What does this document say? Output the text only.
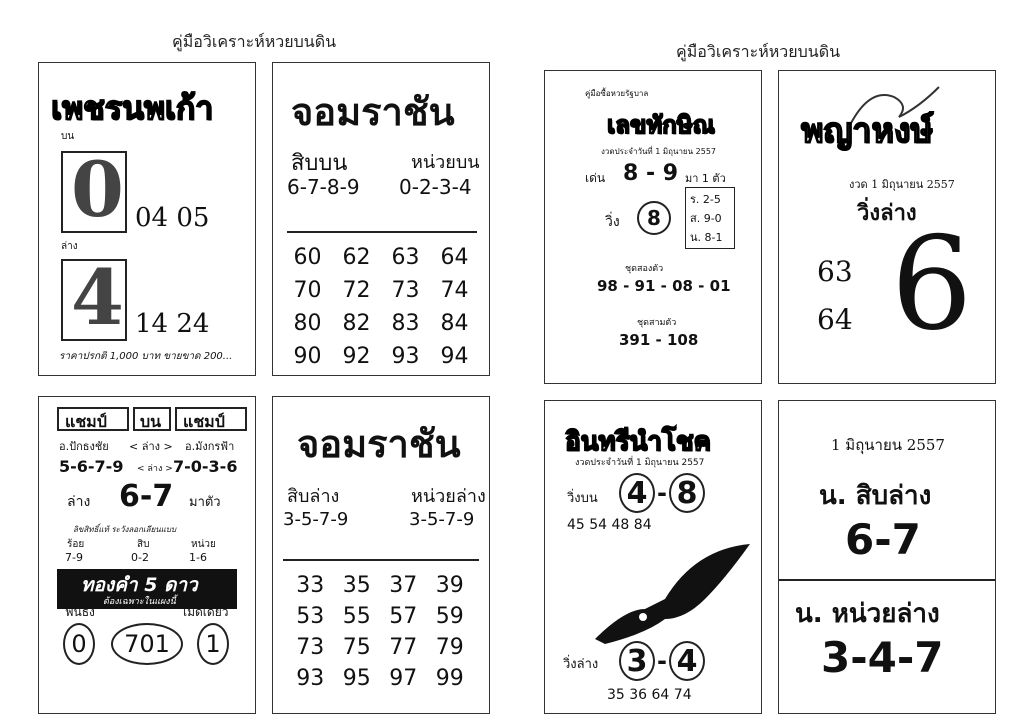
คู่มือวิเคราะห์หวยบนดิน
คู่มือวิเคราะห์หวยบนดิน
เพชรนพเก้า
บน
0 04 05
ล่าง
4 14 24
ราคาปรกติ 1,000 บาท ขายขาด 200...
จอมราชัน
สิบบน	หน่วยบน
6-7-8-9 0-2-3-4
60 62 63 64
70 72 73 74
80 82 83 84
90 92 93 94
คู่มือซื้อหวยรัฐบาล
เลขทักษิณ
งวดประจำวันที่ 1 มิถุนายน 2557
เด่น 8 - 9 มา 1 ตัว
วิ่ง 8
ร. 2-5
ส. 9-0
น. 8-1
ชุดสองตัว
98 - 91 - 08 - 01
ชุดสามตัว
391 - 108
พญาหงษ์
งวด 1 มิถุนายน 2557
วิ่งล่าง
63
64 6
แชมป์ บน แชมป์
อ.ปักธงชัย < ล่าง > อ.มังกรฟ้า
5-6-7-9 < ล่าง > 7-0-3-6
ล่าง 6-7 มาตัว
ลิขสิทธิ์แท้ ระวังลอกเลียนแบบ
ร้อย	สิบ	หน่วย
7-9	0-2	1-6
ทองคำ 5 ดาว
ต้องเฉพาะในแผงนี้
ฟันธง	เม็ดเดียว
0 701 1
จอมราชัน
สิบล่าง	หน่วยล่าง
3-5-7-9	3-5-7-9
33 35 37 39
53 55 57 59
73 75 77 79
93 95 97 99
อินทรีนำโชค
งวดประจำวันที่ 1 มิถุนายน 2557
วิ่งบน 4 - 8
45 54 48 84
วิ่งล่าง 3 - 4
35 36 64 74
1 มิถุนายน 2557
น. สิบล่าง
6-7
น. หน่วยล่าง
3-4-7
